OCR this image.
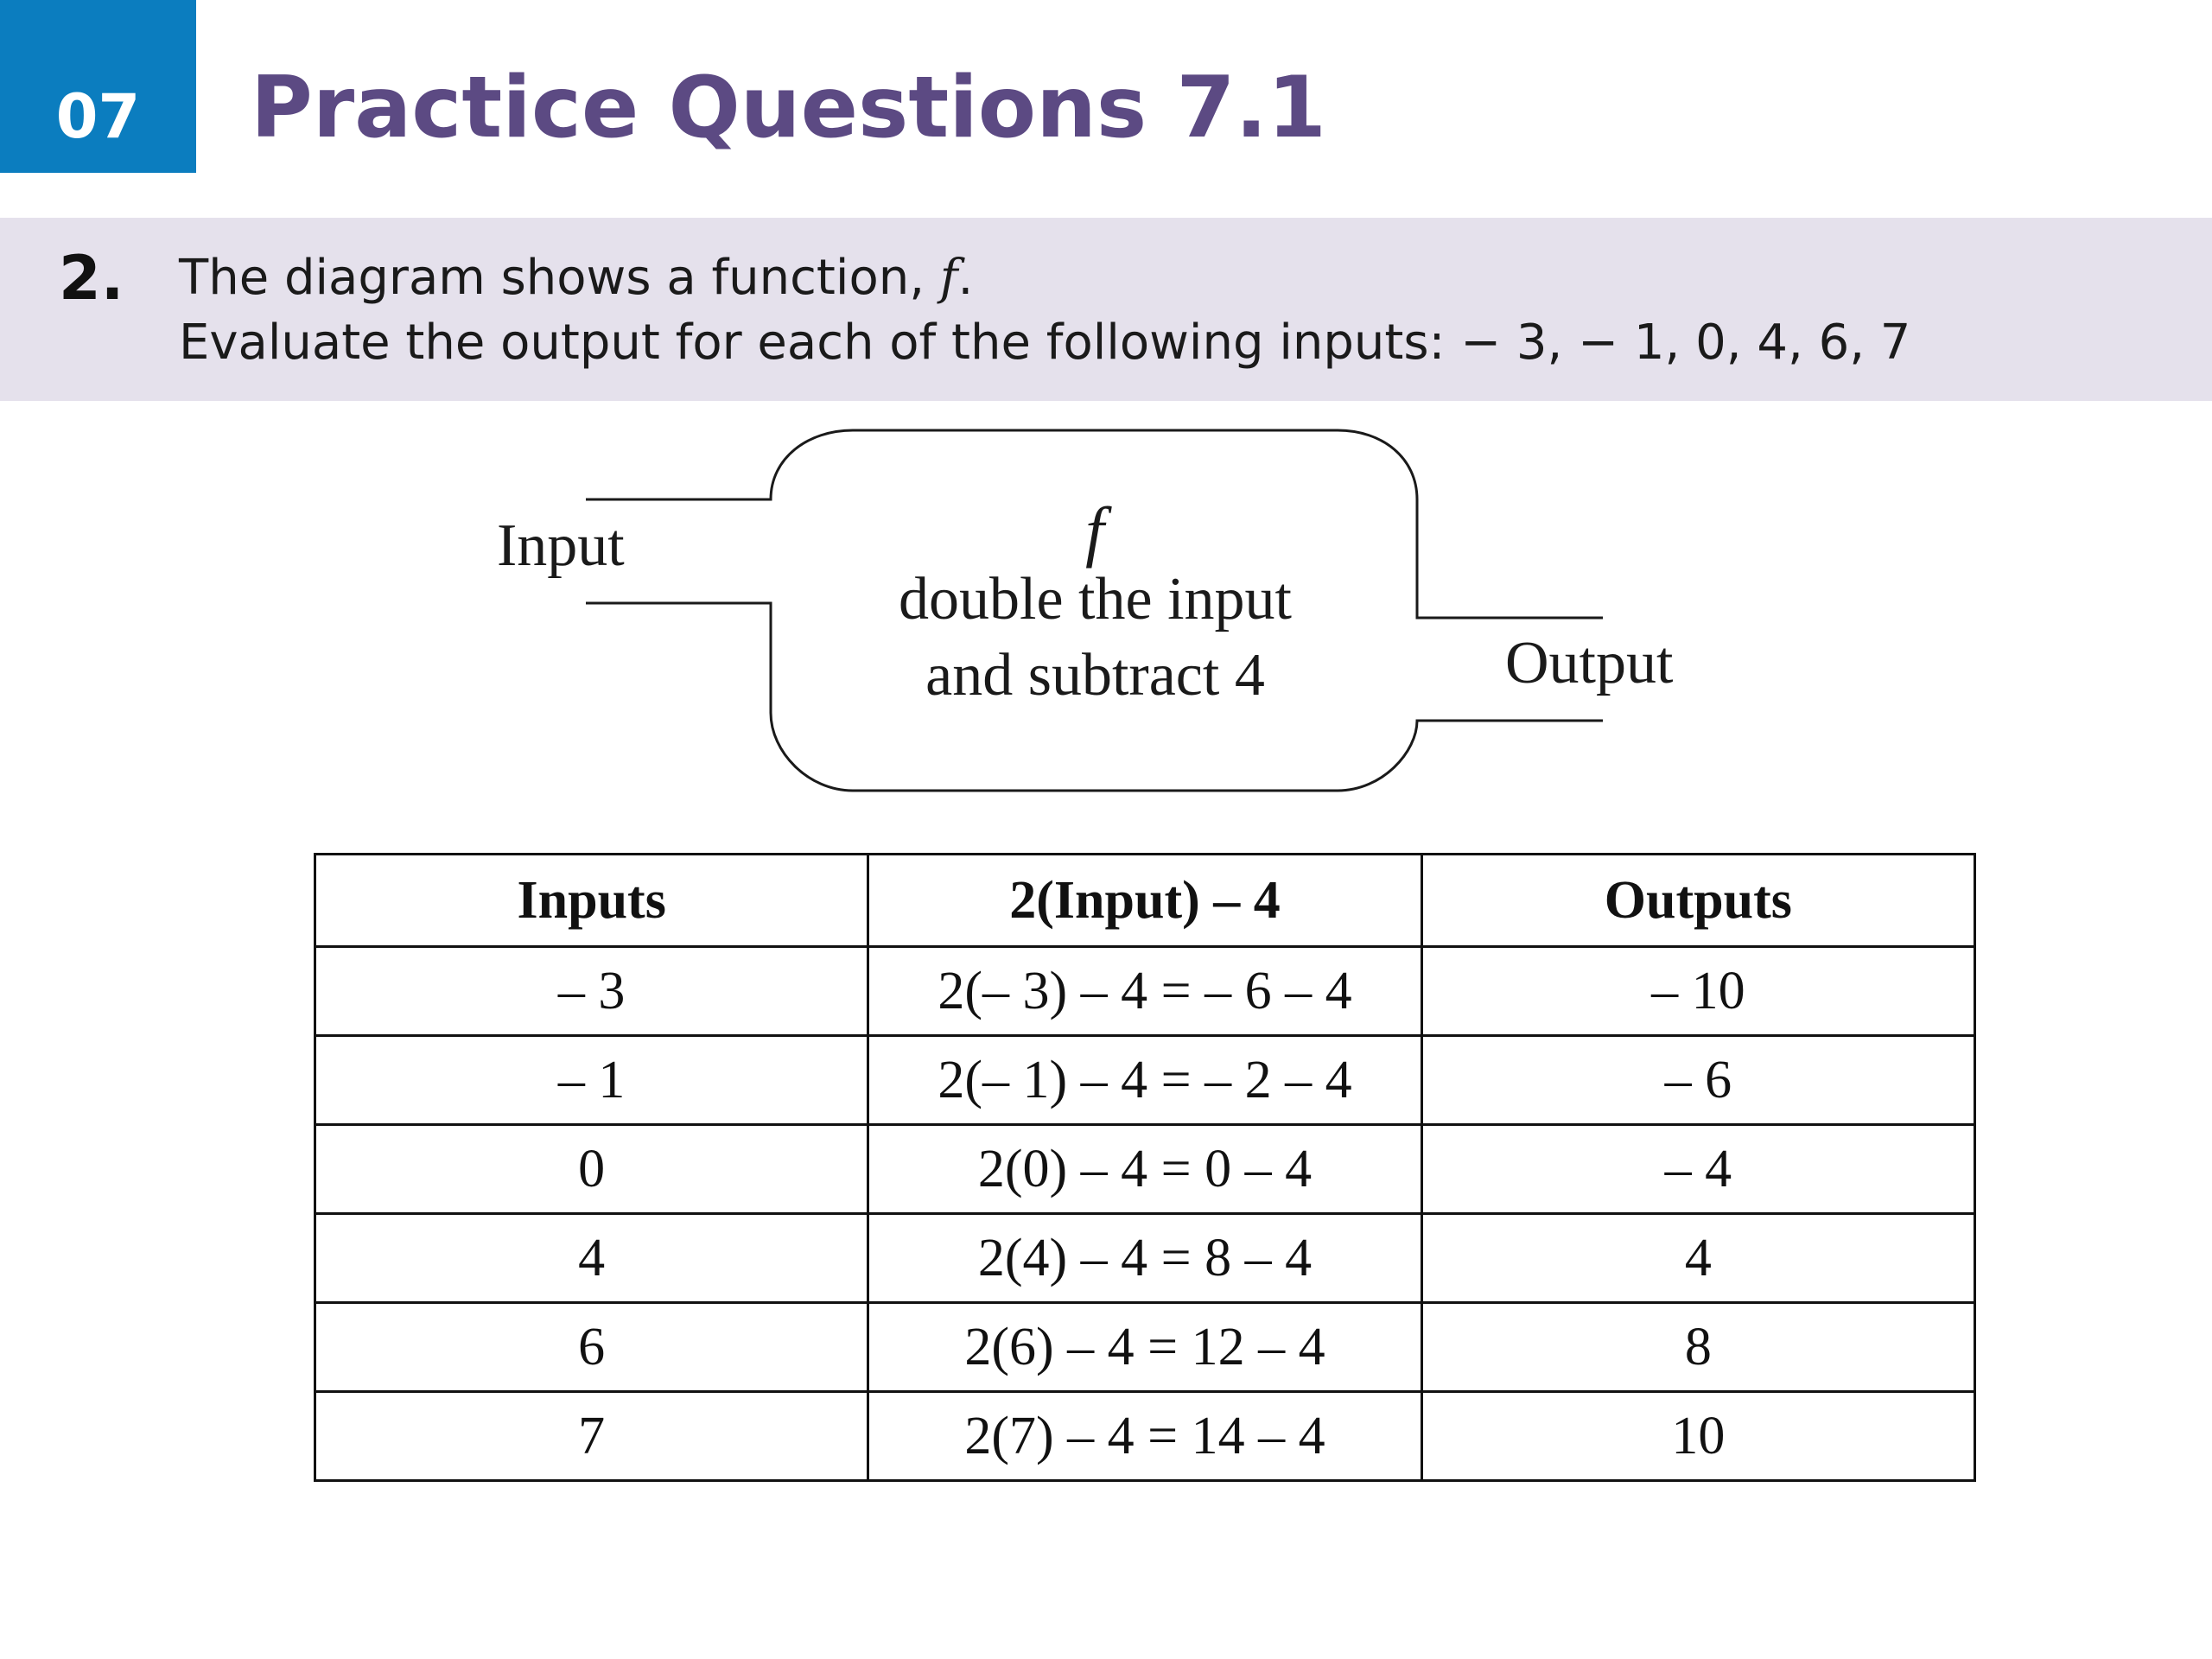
07	Practice Questions 7.1
2. The diagram shows a function, f.
Evaluate the output for each of the following inputs: − 3, − 1, 0, 4, 6, 7
Input	f
double the input
and subtract 4	Output
Inputs	2(Input) – 4	Outputs
– 3	2(– 3) – 4 = – 6 – 4	– 10
– 1	2(– 1) – 4 = – 2 – 4	– 6
0	2(0) – 4 = 0 – 4	– 4
4	2(4) – 4 = 8 – 4	4
6	2(6) – 4 = 12 – 4	8
7	2(7) – 4 = 14 – 4	10
